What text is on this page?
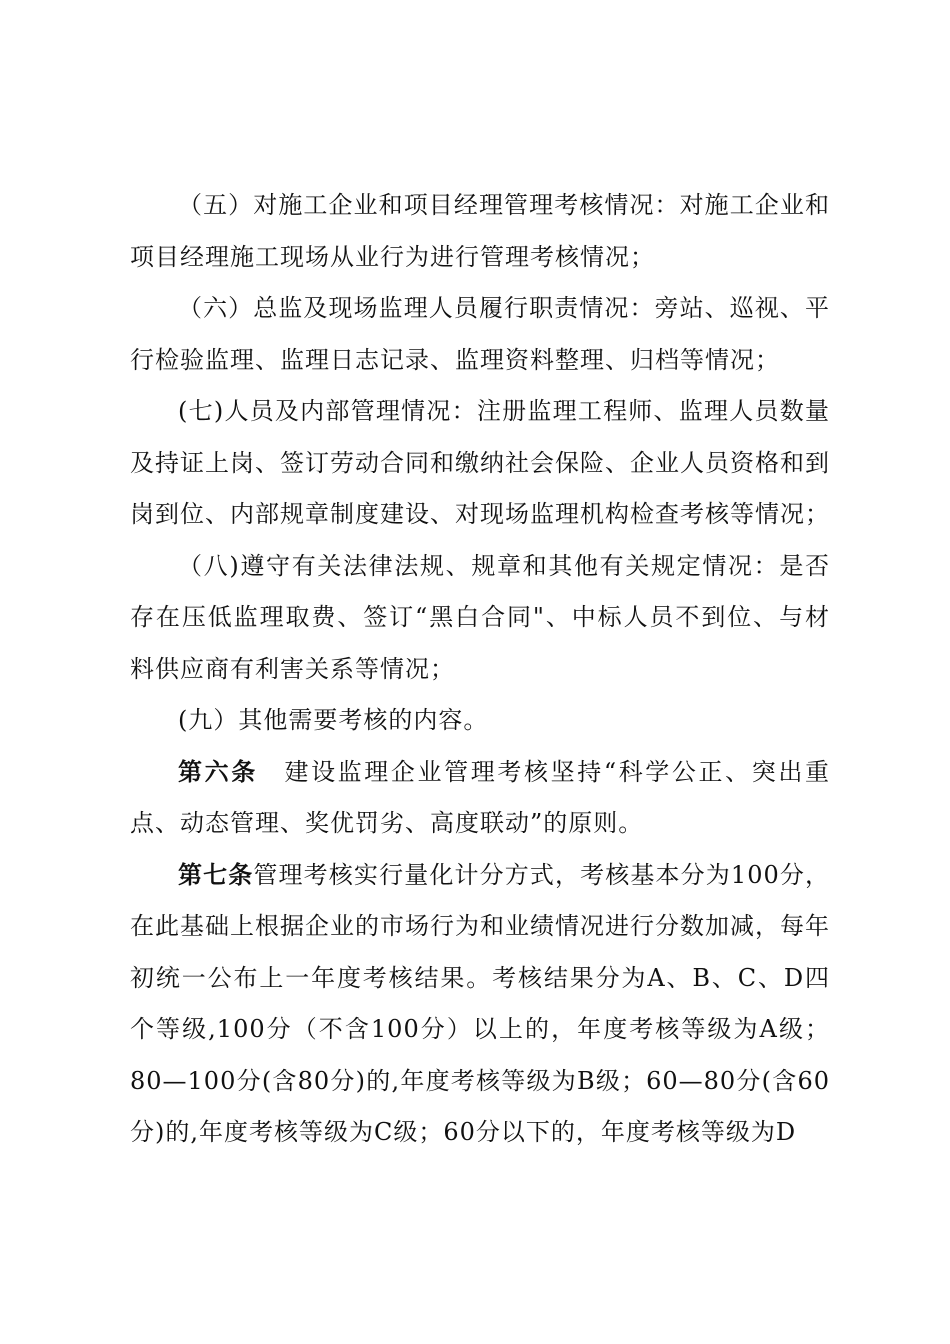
（五）对施工企业和项目经理管理考核情况：对施工企业和项目经理施工现场从业行为进行管理考核情况；

（六）总监及现场监理人员履行职责情况：旁站、巡视、平行检验监理、监理日志记录、监理资料整理、归档等情况；

(七)人员及内部管理情况：注册监理工程师、监理人员数量及持证上岗、签订劳动合同和缴纳社会保险、企业人员资格和到岗到位、内部规章制度建设、对现场监理机构检查考核等情况；

（八)遵守有关法律法规、规章和其他有关规定情况：是否存在压低监理取费、签订“黑白合同"、中标人员不到位、与材料供应商有利害关系等情况；

(九）其他需要考核的内容。

第六条　建设监理企业管理考核坚持“科学公正、突出重点、动态管理、奖优罚劣、高度联动”的原则。

第七条管理考核实行量化计分方式，考核基本分为100分，在此基础上根据企业的市场行为和业绩情况进行分数加减，每年初统一公布上一年度考核结果。考核结果分为A、B、C、D四个等级,100分（不含100分）以上的，年度考核等级为A级；80—100分(含80分)的,年度考核等级为B级；60—80分(含60分)的,年度考核等级为C级；60分以下的，年度考核等级为D
